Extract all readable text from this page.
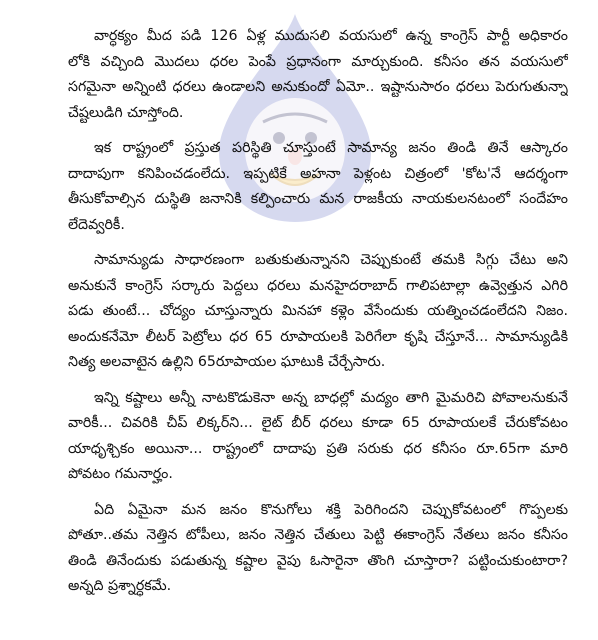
వార్ధక్యం మీద పడి 126 ఏళ్ల ముదుసలి వయసులో ఉన్న కాంగ్రెస్ పార్టీ అధికారం
లోకి వచ్చింది మొదలు ధరల పెంపే ప్రధానంగా మార్చుకుంది. కనీసం తన వయసులో
సగమైనా అన్నింటి ధరలు ఉండాలని అనుకుందో ఏమో.. ఇష్టానుసారం ధరలు పెరుగుతున్నా
చేష్టలుడిగి చూస్తోంది.
ఇక రాష్ట్రంలో ప్రస్తుత పరిస్థితి చూస్తుంటే సామాన్య జనం తిండి తినే ఆస్కారం
దాదాపుగా కనిపించడంలేదు. ఇప్పటికే అహనా పెళ్లంట చిత్రంలో 'కోట'నే ఆదర్శంగా
తీసుకోవాల్సిన దుస్థితి జనానికి కల్పించారు మన రాజకీయ నాయకులనటంలో సందేహం
లేదెవ్వరికీ.
సామాన్యుడు సాధారణంగా బతుకుతున్నానని చెప్పుకుంటే తమకి సిగ్గు చేటు అని
అనుకునే కాంగ్రెస్ సర్కారు పెద్దలు ధరలు మనహైదరాబాద్ గాలిపటాల్లా ఉవ్వెత్తున ఎగిరి
పడు తుంటే... చోద్యం చూస్తున్నారు మినహా కళ్లెం వేసేందుకు యత్నించడంలేదని నిజం.
అందుకనేమో లీటర్ పెట్రోలు ధర 65 రూపాయలకి పెరిగేలా కృషి చేస్తూనే... సామాన్యుడికి
నిత్య అలవాటైన ఉల్లిని 65రూపాయల ఘాటుకి చేర్చేసారు.
ఇన్ని కష్టాలు అన్నీ నాటకొడుకెనా అన్న బాధల్లో మద్యం తాగి మైమరిచి పోవాలనుకునే
వారికీ... చివరికి చీప్ లిక్కర్‌ని... లైట్ బీర్ ధరలు కూడా 65 రూపాయలకే చేరుకోవటం
యాధృశ్చికం అయినా... రాష్ట్రంలో దాదాపు ప్రతి సరుకు ధర కనీసం రూ.65గా మారి
పోవటం గమనార్హం.
ఏది ఏమైనా మన జనం కొనుగోలు శక్తి పెరిగిందని చెప్పుకోవటంలో గొప్పలకు
పోతూ..తమ నెత్తిన టోపీలు, జనం నెత్తిన చేతులు పెట్టి ఈకాంగ్రెస్ నేతలు జనం కనీసం
తిండి తినేందుకు పడుతున్న కష్టాల వైపు ఓసారైనా తొంగి చూస్తారా? పట్టించుకుంటారా?
అన్నది ప్రశ్నార్ధకమే.
